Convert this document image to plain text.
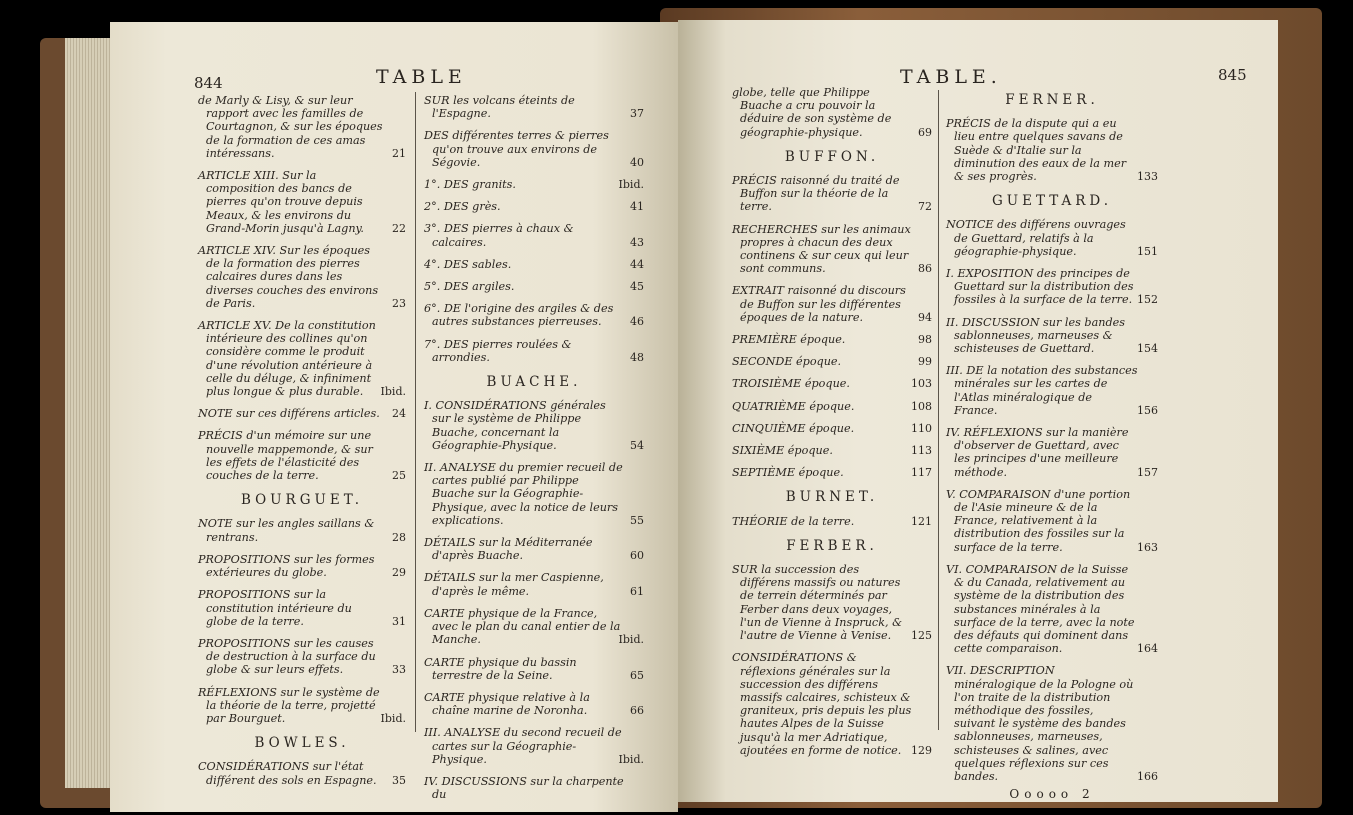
844	TABLE
de Marly & Lisy, & sur leur rapport avec les familles de Courtagnon, & sur les époques de la formation de ces amas intéressans.	21
ARTICLE XIII. Sur la composition des bancs de pierres qu'on trouve depuis Meaux, & les environs du Grand-Morin jusqu'à Lagny.	22
ARTICLE XIV. Sur les époques de la formation des pierres calcaires dures dans les diverses couches des environs de Paris.	23
ARTICLE XV. De la constitution intérieure des collines qu'on considère comme le produit d'une révolution antérieure à celle du déluge, & infiniment plus longue & plus durable. Ibid.
NOTE sur ces différens articles. 24
PRÉCIS d'un mémoire sur une nouvelle mappemonde, & sur les effets de l'élasticité des couches de la terre.	25
BOURGUET.
NOTE sur les angles saillans & rentrans.	28
PROPOSITIONS sur les formes extérieures du globe.	29
PROPOSITIONS sur la constitution intérieure du globe de la terre.	31
PROPOSITIONS sur les causes de destruction à la surface du globe & sur leurs effets.	33
RÉFLEXIONS sur le système de la théorie de la terre, projetté par Bourguet.	Ibid.
BOWLES.
CONSIDÉRATIONS sur l'état différent des sols en Espagne. 35
SUR les volcans éteints de l'Espagne.	37
DES différentes terres & pierres qu'on trouve aux environs de Ségovie.	40
1°. DES granits.	Ibid.
2°. DES grès.	41
3°. DES pierres à chaux & calcaires.	43
4°. DES sables.	44
5°. DES argiles.	45
6°. DE l'origine des argiles & des autres substances pierreuses.	46
7°. DES pierres roulées & arrondies.	48
BUACHE.
I. CONSIDÉRATIONS générales sur le système de Philippe Buache, concernant la Géographie-Physique.	54
II. ANALYSE du premier recueil de cartes publié par Philippe Buache sur la Géographie-Physique, avec la notice de leurs explications.	55
DÉTAILS sur la Méditerranée d'après Buache.	60
DÉTAILS sur la mer Caspienne, d'après le même.	61
CARTE physique de la France, avec le plan du canal entier de la Manche.	Ibid.
CARTE physique du bassin terrestre de la Seine.	65
CARTE physique relative à la chaîne marine de Noronha.	66
III. ANALYSE du second recueil de cartes sur la Géographie-Physique.	Ibid.
IV. DISCUSSIONS sur la charpente du
TABLE.	845
globe, telle que Philippe Buache a cru pouvoir la déduire de son système de géographie-physique.	69
BUFFON.
PRÉCIS raisonné du traité de Buffon sur la théorie de la terre.	72
RECHERCHES sur les animaux propres à chacun des deux continens & sur ceux qui leur sont communs.	86
EXTRAIT raisonné du discours de Buffon sur les différentes époques de la nature.	94
PREMIÈRE époque.	98
SECONDE époque.	99
TROISIÈME époque.	103
QUATRIÈME époque.	108
CINQUIÈME époque.	110
SIXIÈME époque.	113
SEPTIÈME époque.	117
BURNET.
THÉORIE de la terre.	121
FERBER.
SUR la succession des différens massifs ou natures de terrein déterminés par Ferber dans deux voyages, l'un de Vienne à Inspruck, & l'autre de Vienne à Venise. 125
CONSIDÉRATIONS & réflexions générales sur la succession des différens massifs calcaires, schisteux & graniteux, pris depuis les plus hautes Alpes de la Suisse jusqu'à la mer Adriatique, ajoutées en forme de notice. 129
FERNER.
PRÉCIS de la dispute qui a eu lieu entre quelques savans de Suède & d'Italie sur la diminution des eaux de la mer & ses progrès.	133
GUETTARD.
NOTICE des différens ouvrages de Guettard, relatifs à la géographie-physique.	151
I. EXPOSITION des principes de Guettard sur la distribution des fossiles à la surface de la terre. 152
II. DISCUSSION sur les bandes sablonneuses, marneuses & schisteuses de Guettard.	154
III. DE la notation des substances minérales sur les cartes de l'Atlas minéralogique de France.	156
IV. RÉFLEXIONS sur la manière d'observer de Guettard, avec les principes d'une meilleure méthode.	157
V. COMPARAISON d'une portion de l'Asie mineure & de la France, relativement à la distribution des fossiles sur la surface de la terre.	163
VI. COMPARAISON de la Suisse & du Canada, relativement au système de la distribution des substances minérales à la surface de la terre, avec la note des défauts qui dominent dans cette comparaison.	164
VII. DESCRIPTION minéralogique de la Pologne où l'on traite de la distribution méthodique des fossiles, suivant le système des bandes sablonneuses, marneuses, schisteuses & salines, avec quelques réflexions sur ces bandes.	166
Ooooo 2
